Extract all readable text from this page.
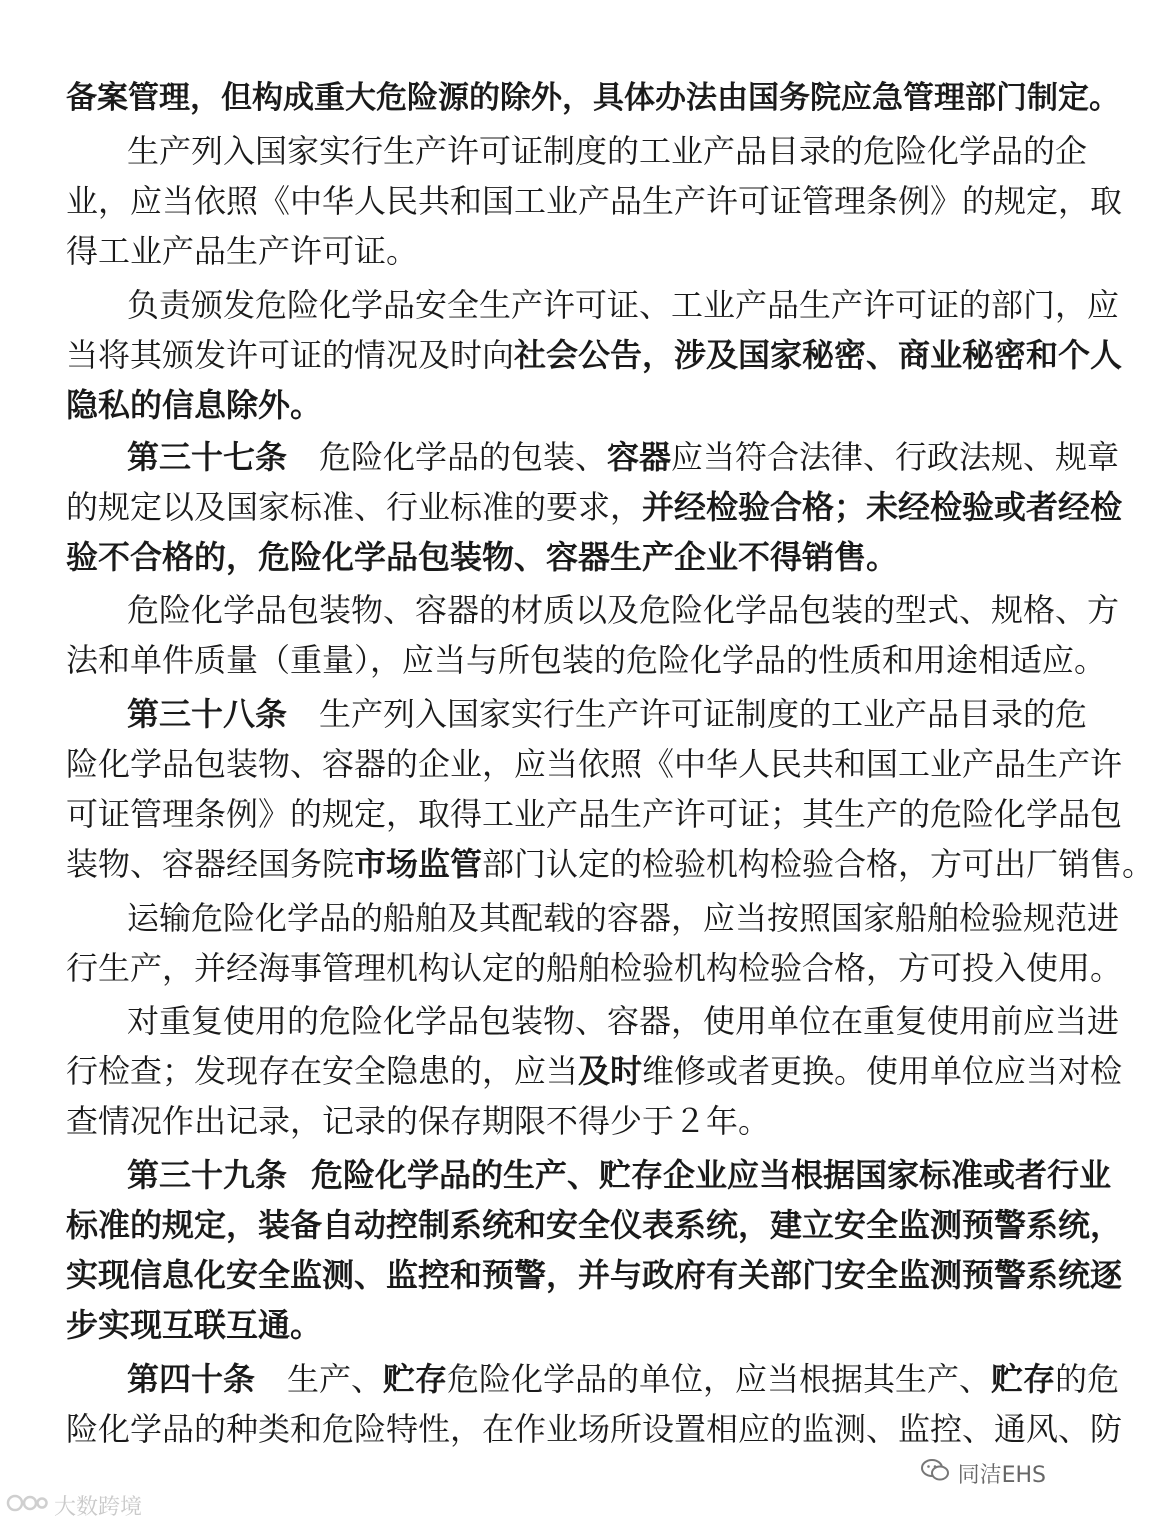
备案管理，但构成重大危险源的除外，具体办法由国务院应急管理部门制定。
生产列入国家实行生产许可证制度的工业产品目录的危险化学品的企
业，应当依照《中华人民共和国工业产品生产许可证管理条例》的规定，取
得工业产品生产许可证。
负责颁发危险化学品安全生产许可证、工业产品生产许可证的部门，应
当将其颁发许可证的情况及时向社会公告，涉及国家秘密、商业秘密和个人
隐私的信息除外。
第三十七条 危险化学品的包装、容器应当符合法律、行政法规、规章
的规定以及国家标准、行业标准的要求，并经检验合格；未经检验或者经检
验不合格的，危险化学品包装物、容器生产企业不得销售。
危险化学品包装物、容器的材质以及危险化学品包装的型式、规格、方
法和单件质量（重量），应当与所包装的危险化学品的性质和用途相适应。
第三十八条 生产列入国家实行生产许可证制度的工业产品目录的危
险化学品包装物、容器的企业，应当依照《中华人民共和国工业产品生产许
可证管理条例》的规定，取得工业产品生产许可证；其生产的危险化学品包
装物、容器经国务院市场监管部门认定的检验机构检验合格，方可出厂销售。
运输危险化学品的船舶及其配载的容器，应当按照国家船舶检验规范进
行生产，并经海事管理机构认定的船舶检验机构检验合格，方可投入使用。
对重复使用的危险化学品包装物、容器，使用单位在重复使用前应当进
行检查；发现存在安全隐患的，应当及时维修或者更换。使用单位应当对检
查情况作出记录，记录的保存期限不得少于２年。
第三十九条 危险化学品的生产、贮存企业应当根据国家标准或者行业
标准的规定，装备自动控制系统和安全仪表系统，建立安全监测预警系统，
实现信息化安全监测、监控和预警，并与政府有关部门安全监测预警系统逐
步实现互联互通。
第四十条 生产、贮存危险化学品的单位，应当根据其生产、贮存的危
险化学品的种类和危险特性，在作业场所设置相应的监测、监控、通风、防
同洁EHS
大数跨境
